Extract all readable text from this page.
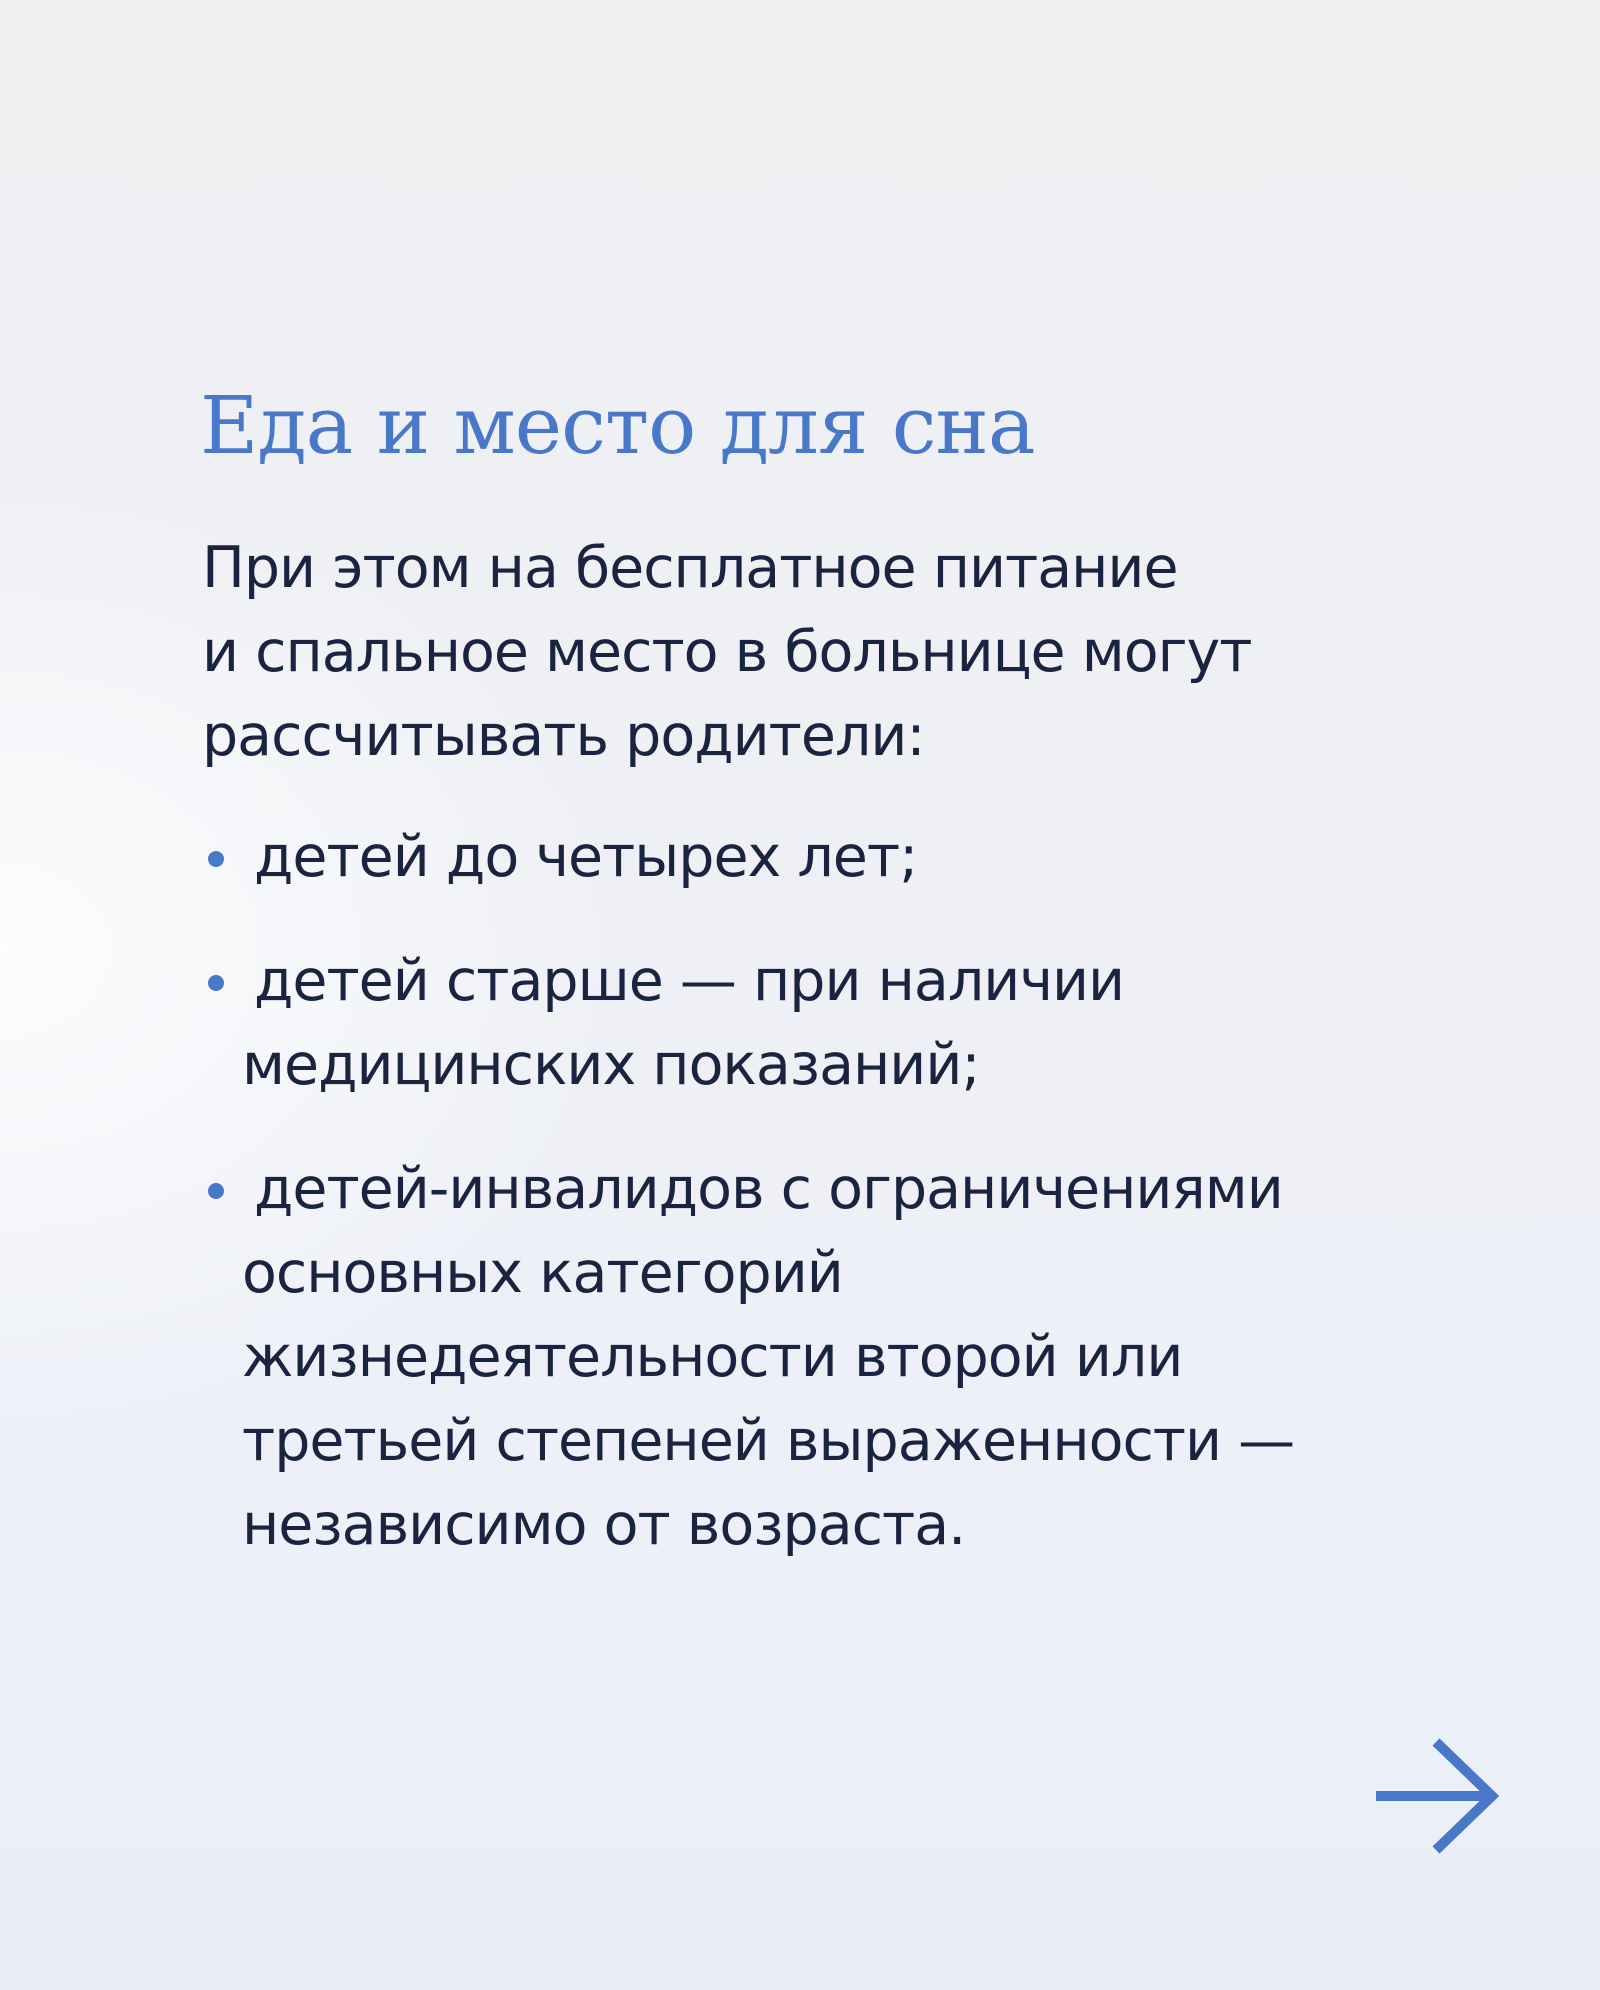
Еда и место для сна

При этом на бесплатное питание
и спальное место в больнице могут
рассчитывать родители:

детей до четырех лет;
детей старше — при наличии
медицинских показаний;
детей-инвалидов с ограничениями
основных категорий
жизнедеятельности второй или
третьей степеней выраженности —
независимо от возраста.
